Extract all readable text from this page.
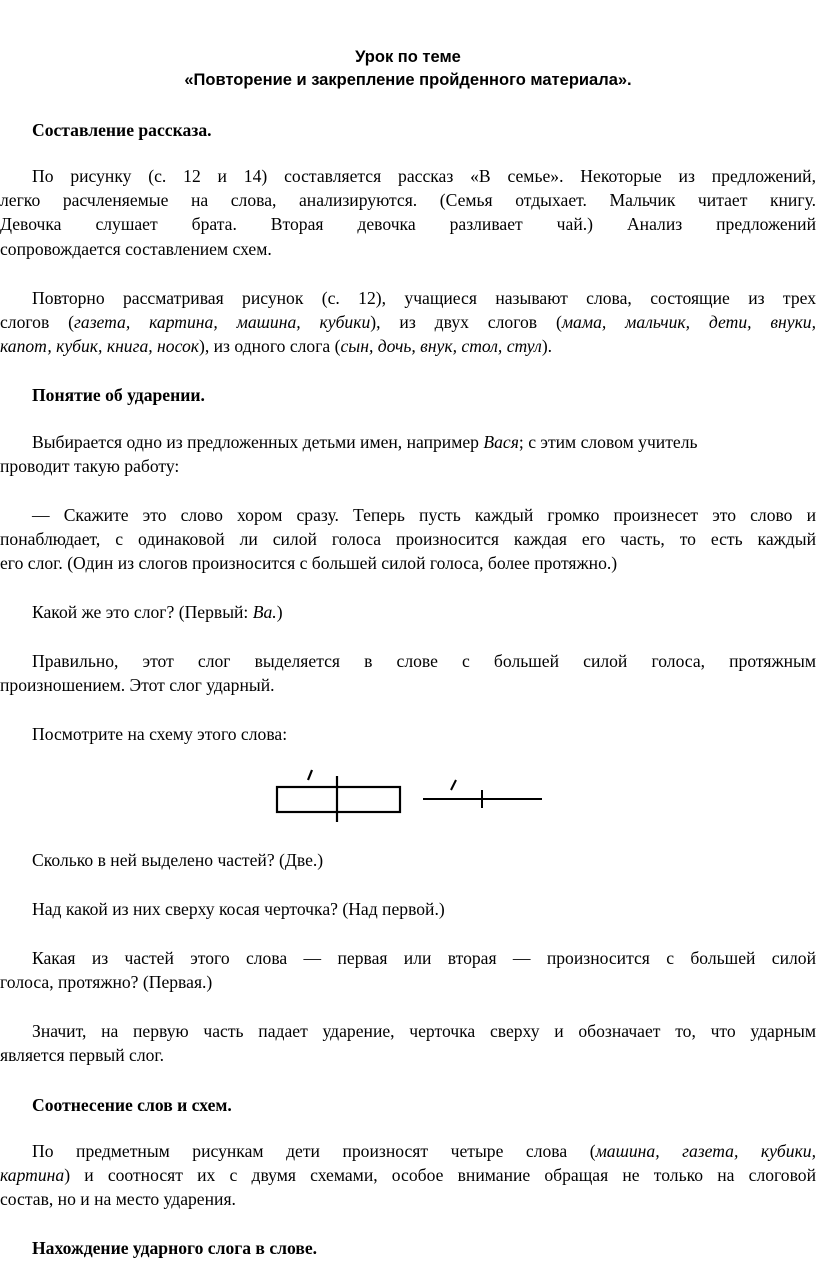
Урок по теме
«Повторение и закрепление пройденного материала».
Составление рассказа.
По рисунку (с. 12 и 14) составляется рассказ «В семье». Некоторые из предложений,
легко расчленяемые на слова, анализируются. (Семья отдыхает. Мальчик читает книгу.
Девочка слушает брата. Вторая девочка разливает чай.) Анализ предложений
сопровождается составлением схем.
Повторно рассматривая рисунок (с. 12), учащиеся называют слова, состоящие из трех
слогов (газета, картина, машина, кубики), из двух слогов (мама, мальчик, дети, внуки,
капот, кубик, книга, носок), из одного слога (сын, дочь, внук, стол, стул).
Понятие об ударении.
Выбирается одно из предложенных детьми имен, например Вася; с этим словом учитель
проводит такую работу:
— Скажите это слово хором сразу. Теперь пусть каждый громко произнесет это слово и
понаблюдает, с одинаковой ли силой голоса произносится каждая его часть, то есть каждый
его слог. (Один из слогов произносится с большей силой голоса, более протяжно.)
Какой же это слог? (Первый: Ва.)
Правильно, этот слог выделяется в слове с большей силой голоса, протяжным
произношением. Этот слог ударный.
Посмотрите на схему этого слова:
Сколько в ней выделено частей? (Две.)
Над какой из них сверху косая черточка? (Над первой.)
Какая из частей этого слова — первая или вторая — произносится с большей силой
голоса, протяжно? (Первая.)
Значит, на первую часть падает ударение, черточка сверху и обозначает то, что ударным
является первый слог.
Соотнесение слов и схем.
По предметным рисункам дети произносят четыре слова (машина, газета, кубики,
картина) и соотносят их с двумя схемами, особое внимание обращая не только на слоговой
состав, но и на место ударения.
Нахождение ударного слога в слове.
